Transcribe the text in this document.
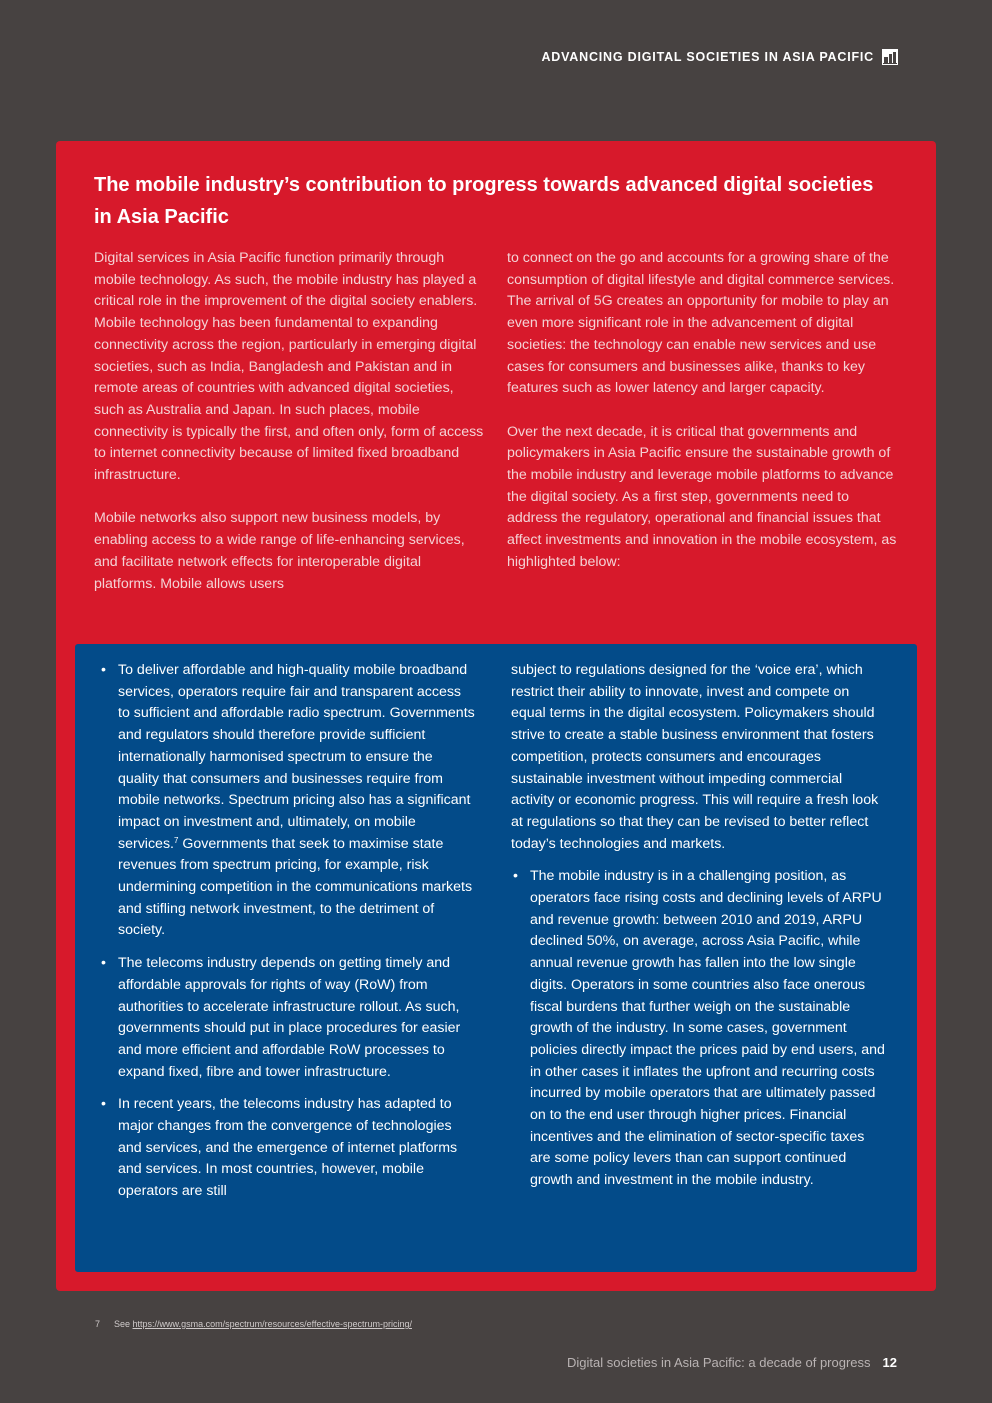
ADVANCING DIGITAL SOCIETIES IN ASIA PACIFIC
The mobile industry’s contribution to progress towards advanced digital societies in Asia Pacific

Digital services in Asia Pacific function primarily through mobile technology. As such, the mobile industry has played a critical role in the improvement of the digital society enablers. Mobile technology has been fundamental to expanding connectivity across the region, particularly in emerging digital societies, such as India, Bangladesh and Pakistan and in remote areas of countries with advanced digital societies, such as Australia and Japan. In such places, mobile connectivity is typically the first, and often only, form of access to internet connectivity because of limited fixed broadband infrastructure.

Mobile networks also support new business models, by enabling access to a wide range of life-enhancing services, and facilitate network effects for interoperable digital platforms. Mobile allows users

to connect on the go and accounts for a growing share of the consumption of digital lifestyle and digital commerce services. The arrival of 5G creates an opportunity for mobile to play an even more significant role in the advancement of digital societies: the technology can enable new services and use cases for consumers and businesses alike, thanks to key features such as lower latency and larger capacity.

Over the next decade, it is critical that governments and policymakers in Asia Pacific ensure the sustainable growth of the mobile industry and leverage mobile platforms to advance the digital society. As a first step, governments need to address the regulatory, operational and financial issues that affect investments and innovation in the mobile ecosystem, as highlighted below:

• To deliver affordable and high-quality mobile broadband services, operators require fair and transparent access to sufficient and affordable radio spectrum. Governments and regulators should therefore provide sufficient internationally harmonised spectrum to ensure the quality that consumers and businesses require from mobile networks. Spectrum pricing also has a significant impact on investment and, ultimately, on mobile services.$^7$ Governments that seek to maximise state revenues from spectrum pricing, for example, risk undermining competition in the communications markets and stifling network investment, to the detriment of society.
• The telecoms industry depends on getting timely and affordable approvals for rights of way (RoW) from authorities to accelerate infrastructure rollout. As such, governments should put in place procedures for easier and more efficient and affordable RoW processes to expand fixed, fibre and tower infrastructure.
• In recent years, the telecoms industry has adapted to major changes from the convergence of technologies and services, and the emergence of internet platforms and services. In most countries, however, mobile operators are still
subject to regulations designed for the ‘voice era’, which restrict their ability to innovate, invest and compete on equal terms in the digital ecosystem. Policymakers should strive to create a stable business environment that fosters competition, protects consumers and encourages sustainable investment without impeding commercial activity or economic progress. This will require a fresh look at regulations so that they can be revised to better reflect today’s technologies and markets.
• The mobile industry is in a challenging position, as operators face rising costs and declining levels of ARPU and revenue growth: between 2010 and 2019, ARPU declined 50%, on average, across Asia Pacific, while annual revenue growth has fallen into the low single digits. Operators in some countries also face onerous fiscal burdens that further weigh on the sustainable growth of the industry. In some cases, government policies directly impact the prices paid by end users, and in other cases it inflates the upfront and recurring costs incurred by mobile operators that are ultimately passed on to the end user through higher prices. Financial incentives and the elimination of sector-specific taxes are some policy levers than can support continued growth and investment in the mobile industry.
7 See https://www.gsma.com/spectrum/resources/effective-spectrum-pricing/
Digital societies in Asia Pacific: a decade of progress 12
